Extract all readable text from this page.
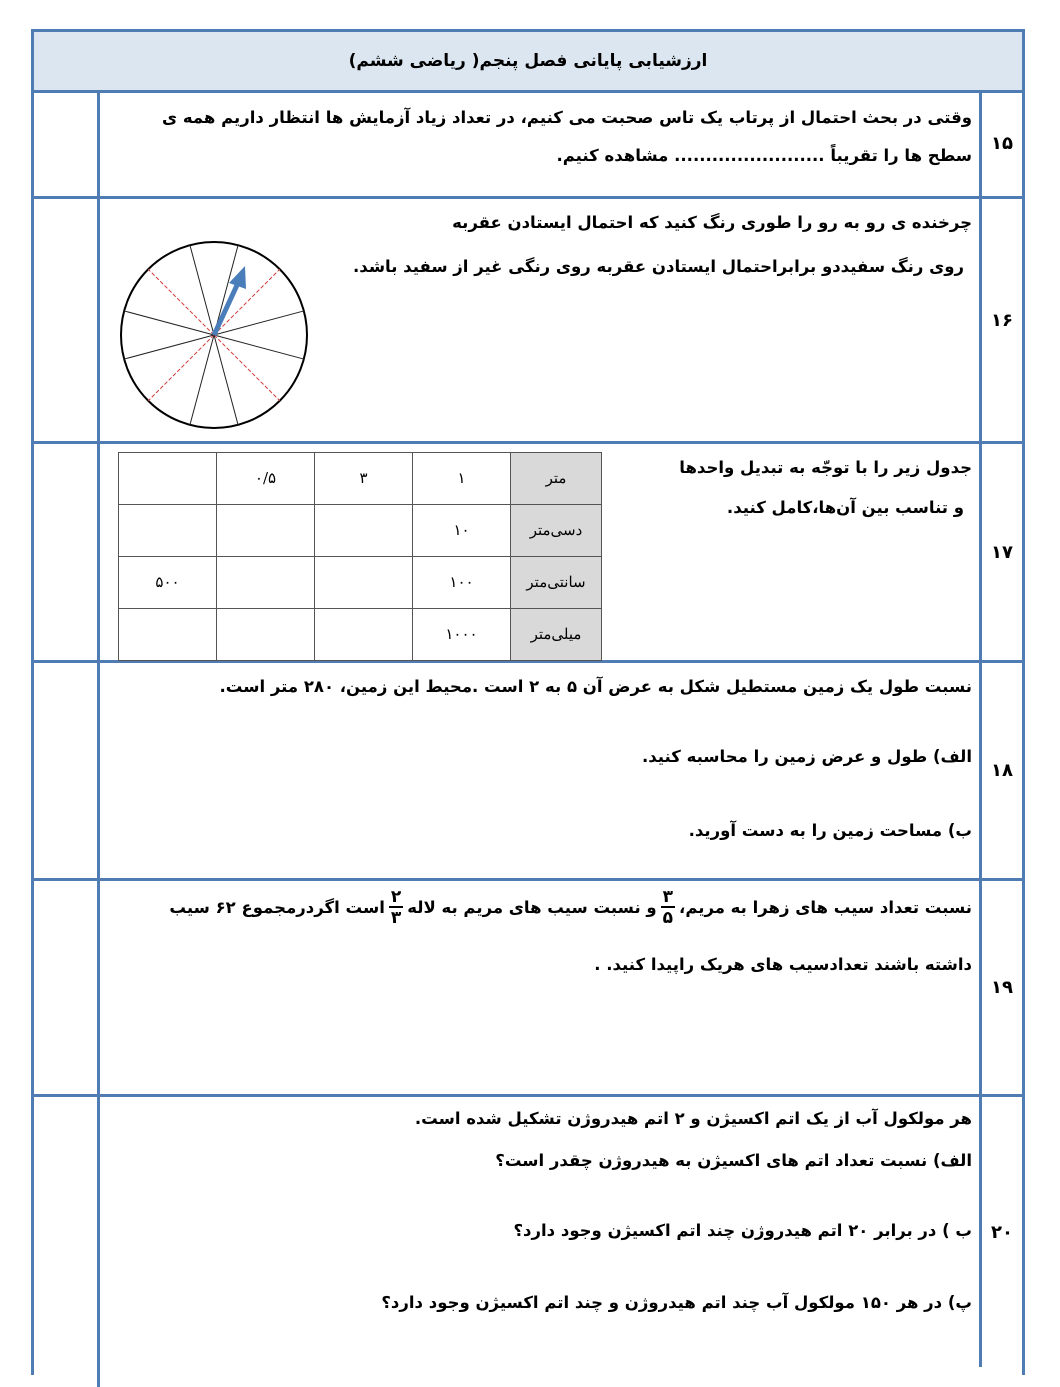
ارزشیابی پایانی فصل پنجم( ریاضی ششم)
۱۵
وقتی در بحث احتمال از پرتاب یک تاس صحبت می کنیم، در تعداد زیاد آزمایش ها انتظار داریم همه ی
سطح ها را تقریباً ........................ مشاهده کنیم.
۱۶
چرخنده ی رو به رو را طوری رنگ کنید که احتمال ایستادن عقربه
روی رنگ سفیددو برابراحتمال ایستادن عقربه روی رنگی غیر از سفید باشد.
۱۷
جدول زیر را با توجّه به تبدیل واحدها
و تناسب بین آن‌ها،کامل کنید.
متر	۱	۳	۰/۵	
دسی‌متر	۱۰			
سانتی‌متر	۱۰۰			۵۰۰
میلی‌متر	۱۰۰۰			
۱۸
نسبت طول یک زمین مستطیل شکل به عرض آن ۵ به ۲ است .محیط این زمین، ۲۸۰ متر است.
الف) طول و عرض زمین را محاسبه کنید.
ب) مساحت زمین را به دست آورید.
۱۹
نسبت تعداد سیب های زهرا به مریم،
$\frac{۳}{۵}$
و نسبت سیب های مریم به لاله
$\frac{۲}{۳}$
است اگردرمجموع ۶۲ سیب
داشته باشند تعدادسیب های هریک راپیدا کنید. .
۲۰
هر مولکول آب از یک اتم اکسیژن و ۲ اتم هیدروژن تشکیل شده است.
الف) نسبت تعداد اتم های اکسیژن به هیدروژن چقدر است؟
ب ) در برابر ۲۰ اتم هیدروژن چند اتم اکسیژن وجود دارد؟
پ) در هر ۱۵۰ مولکول آب چند اتم هیدروژن و چند اتم اکسیژن وجود دارد؟
